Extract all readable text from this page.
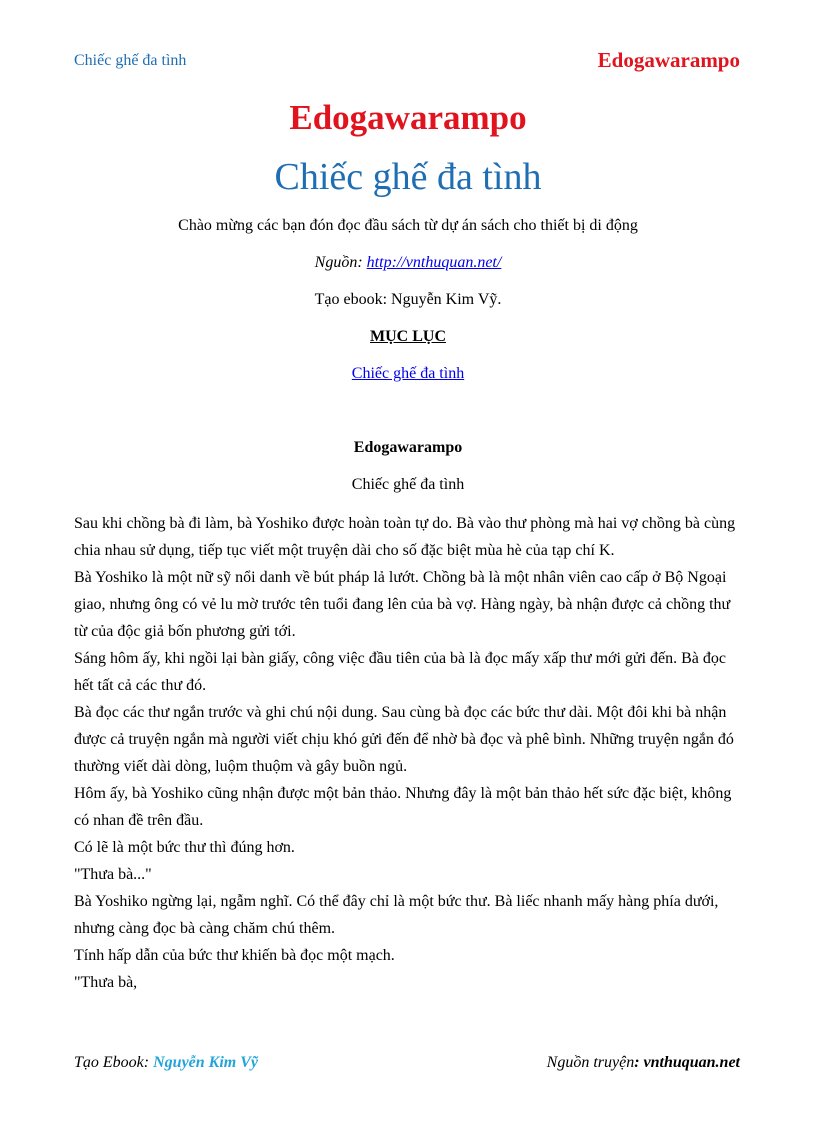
Chiếc ghế đa tình	Edogawarampo
Edogawarampo
Chiếc ghế đa tình
Chào mừng các bạn đón đọc đầu sách từ dự án sách cho thiết bị di động
Nguồn: http://vnthuquan.net/
Tạo ebook: Nguyễn Kim Vỹ.
MỤC LỤC
Chiếc ghế đa tình
Edogawarampo
Chiếc ghế đa tình

Sau khi chồng bà đi làm, bà Yoshiko được hoàn toàn tự do. Bà vào thư phòng mà hai vợ chồng bà cùng chia nhau sử dụng, tiếp tục viết một truyện dài cho số đặc biệt mùa hè của tạp chí K.

Bà Yoshiko là một nữ sỹ nổi danh về bút pháp lả lướt. Chồng bà là một nhân viên cao cấp ở Bộ Ngoại giao, nhưng ông có vẻ lu mờ trước tên tuổi đang lên của bà vợ. Hàng ngày, bà nhận được cả chồng thư từ của độc giả bốn phương gửi tới.

Sáng hôm ấy, khi ngồi lại bàn giấy, công việc đầu tiên của bà là đọc mấy xấp thư mới gửi đến. Bà đọc hết tất cả các thư đó.

Bà đọc các thư ngắn trước và ghi chú nội dung. Sau cùng bà đọc các bức thư dài. Một đôi khi bà nhận được cả truyện ngắn mà người viết chịu khó gửi đến để nhờ bà đọc và phê bình. Những truyện ngắn đó thường viết dài dòng, luộm thuộm và gây buồn ngủ.

Hôm ấy, bà Yoshiko cũng nhận được một bản thảo. Nhưng đây là một bản thảo hết sức đặc biệt, không có nhan đề trên đầu.

Có lẽ là một bức thư thì đúng hơn.

"Thưa bà..."

Bà Yoshiko ngừng lại, ngẫm nghĩ. Có thể đây chỉ là một bức thư. Bà liếc nhanh mấy hàng phía dưới, nhưng càng đọc bà càng chăm chú thêm.

Tính hấp dẫn của bức thư khiến bà đọc một mạch.

"Thưa bà,

Tạo Ebook: Nguyễn Kim Vỹ	Nguồn truyện: vnthuquan.net
